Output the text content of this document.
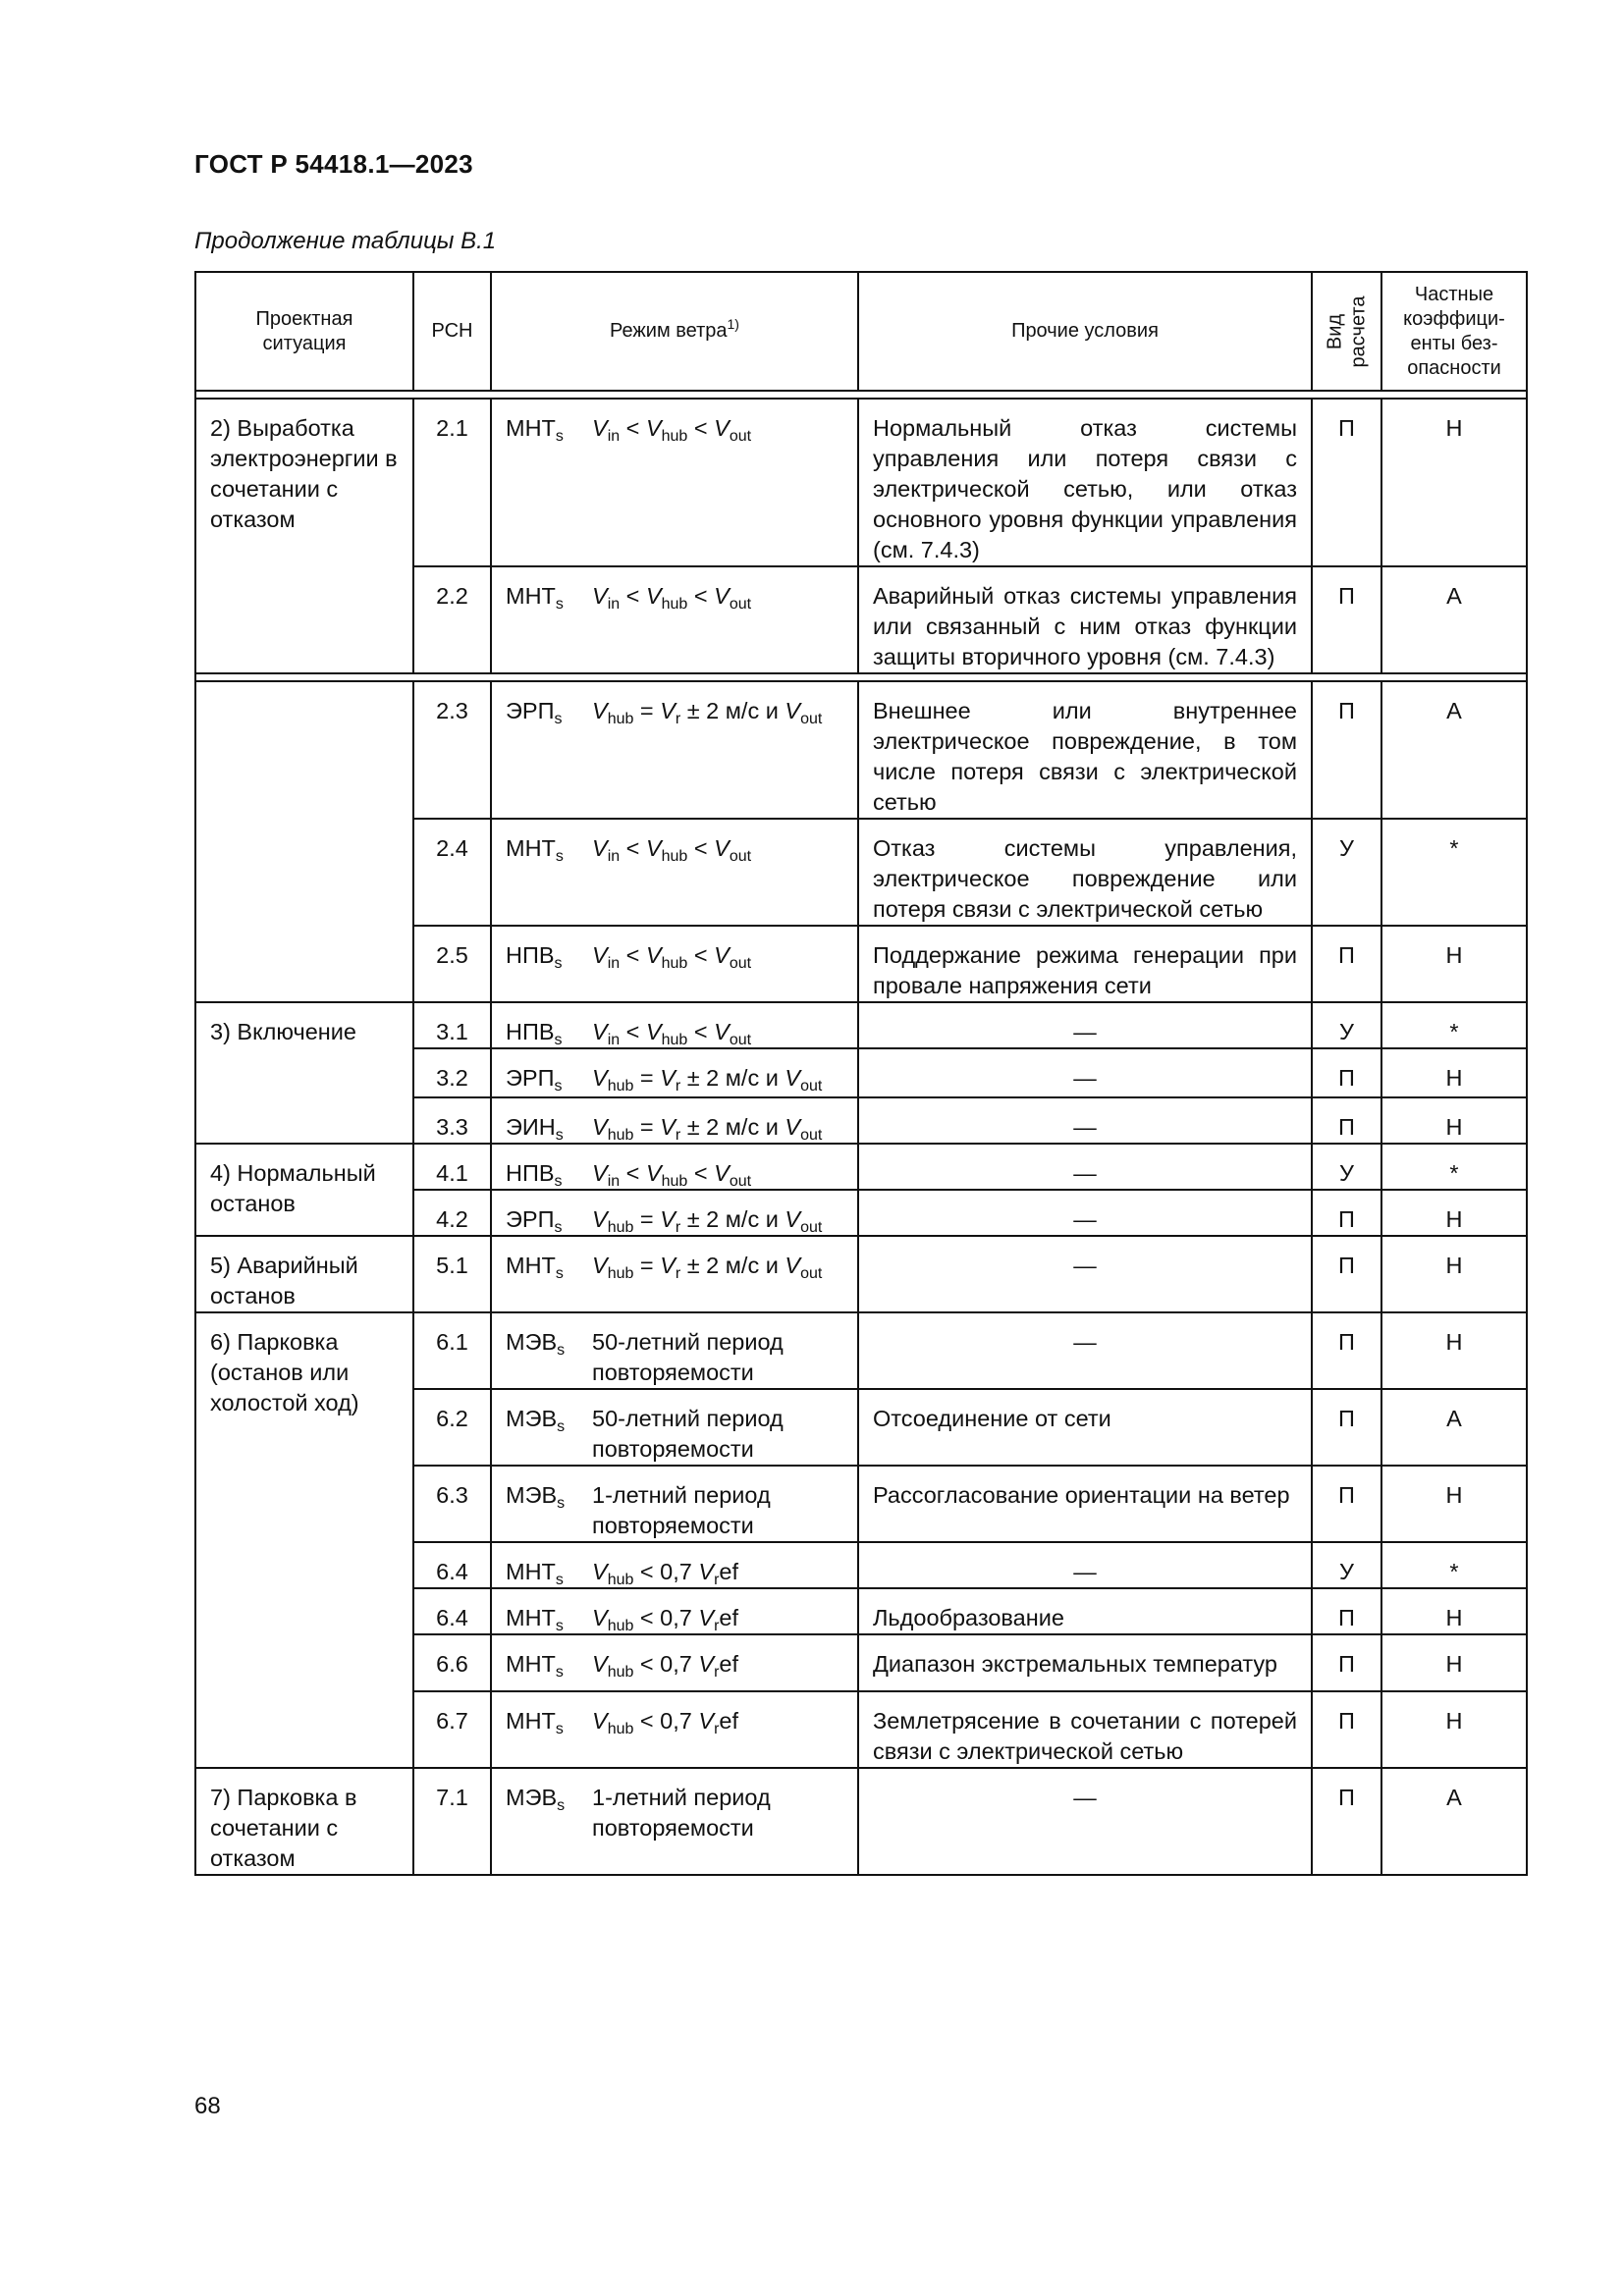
ГОСТ Р 54418.1—2023
Продолжение таблицы В.1
Проектная ситуация	РСН	Режим ветра$^{1)}$	Прочие условия	Вид расчета	Частные коэффици-енты без-опасности

2) Выработка электроэнергии в сочетании с отказом	2.1	$МНТ_s$ $V_{in} < V_{hub} < V_{out}$	Нормальный отказ системы управления или потеря связи с электрической сетью, или отказ основного уровня функции управления (см. 7.4.3)	П	Н
	2.2	$МНТ_s$ $V_{in} < V_{hub} < V_{out}$	Аварийный отказ системы управления или связанный с ним отказ функции защиты вторичного уровня (см. 7.4.3)	П	А

	2.3	$ЭРП_s$ $V_{hub} = V_r \pm 2$ м/с и $V_{out}$	Внешнее или внутреннее электрическое повреждение, в том числе потеря связи с электрической сетью	П	А
	2.4	$МНТ_s$ $V_{in} < V_{hub} < V_{out}$	Отказ системы управления, электрическое повреждение или потеря связи с электрической сетью	У	*
	2.5	$НПВ_s$ $V_{in} < V_{hub} < V_{out}$	Поддержание режима генерации при провале напряжения сети	П	Н
3) Включение	3.1	$НПВ_s$ $V_{in} < V_{hub} < V_{out}$	—	У	*
	3.2	$ЭРП_s$ $V_{hub} = V_r \pm 2$ м/с и $V_{out}$	—	П	Н
	3.3	$ЭИН_s$ $V_{hub} = V_r \pm 2$ м/с и $V_{out}$	—	П	Н
4) Нормальный останов	4.1	$НПВ_s$ $V_{in} < V_{hub} < V_{out}$	—	У	*
	4.2	$ЭРП_s$ $V_{hub} = V_r \pm 2$ м/с и $V_{out}$	—	П	Н
5) Аварийный останов	5.1	$МНТ_s$ $V_{hub} = V_r \pm 2$ м/с и $V_{out}$	—	П	Н
6) Парковка (останов или холостой ход)	6.1	$МЭВ_s$ 50-летний период повторяемости	—	П	Н
	6.2	$МЭВ_s$ 50-летний период повторяемости	Отсоединение от сети	П	А
	6.3	$МЭВ_s$ 1-летний период повторяемости	Рассогласование ориентации на ветер	П	Н
	6.4	$МНТ_s$ $V_{hub} < 0,7$ $V_ref$	—	У	*
	6.4	$МНТ_s$ $V_{hub} < 0,7$ $V_ref$	Льдообразование	П	Н
	6.6	$МНТ_s$ $V_{hub} < 0,7$ $V_ref$	Диапазон экстремальных температур	П	Н
	6.7	$МНТ_s$ $V_{hub} < 0,7$ $V_ref$	Землетрясение в сочетании с потерей связи с электрической сетью	П	Н
7) Парковка в сочетании с отказом	7.1	$МЭВ_s$ 1-летний период повторяемости	—	П	А
68
